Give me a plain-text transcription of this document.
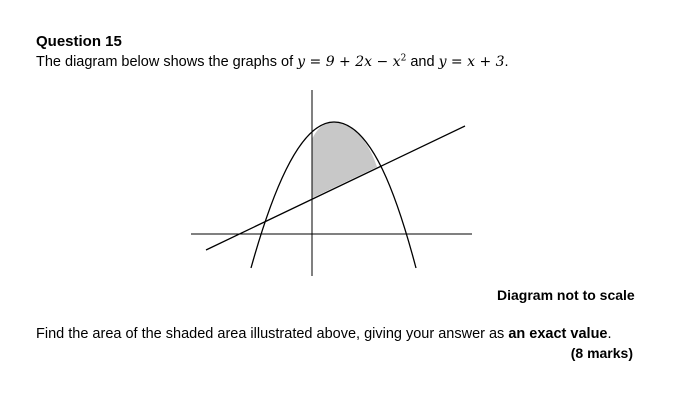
Question 15
The diagram below shows the graphs of $y = 9 + 2x - x^2$ and y = x + 3.
Diagram not to scale
Find the area of the shaded area illustrated above, giving your answer as an exact value.
(8 marks)
